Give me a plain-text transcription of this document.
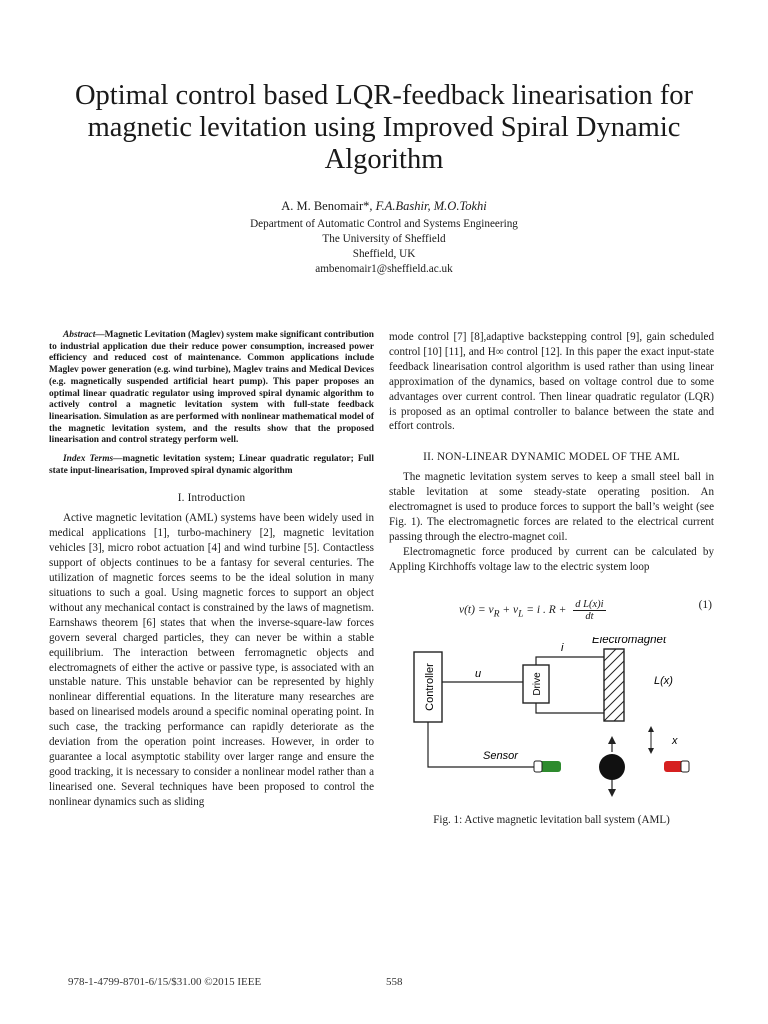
Optimal control based LQR-feedback linearisation for magnetic levitation using Improved Spiral Dynamic Algorithm
A. M. Benomair*, F.A.Bashir, M.O.Tokhi
Department of Automatic Control and Systems Engineering
The University of Sheffield
Sheffield, UK
ambenomair1@sheffield.ac.uk

Abstract—Magnetic Levitation (Maglev) system make significant contribution to industrial application due their reduce power consumption, increased power efficiency and reduced cost of maintenance. Common applications include Maglev power generation (e.g. wind turbine), Maglev trains and Medical Devices (e.g. magnetically suspended artificial heart pump). This paper proposes an optimal linear quadratic regulator using improved spiral dynamic algorithm to actively control a magnetic levitation system with full-state feedback linearisation. Simulation as are performed with nonlinear mathematical model of the magnetic levitation system, and the results show that the proposed linearisation and control strategy perform well.

Index Terms—magnetic levitation system; Linear quadratic regulator; Full state input-linearisation, Improved spiral dynamic algorithm

I. Introduction

Active magnetic levitation (AML) systems have been widely used in medical applications [1], turbo-machinery [2], magnetic levitation vehicles [3], micro robot actuation [4] and wind turbine [5]. Contactless support of objects continues to be a fantasy for several centuries. The utilization of magnetic forces seems to be the ideal solution in many situations to such a goal. Using magnetic forces to support an object without any mechanical contact is constrained by the laws of magnetism. Earnshaws theorem [6] states that when the inverse-square-law forces govern several charged particles, they can never be within a stable equilibrium. The interaction between ferromagnetic objects and electromagnets of either the active or passive type, is associated with an unstable nature. This unstable behavior can be represented by highly nonlinear differential equations. In the literature many researches are based on linearised models around a specific nominal operating point. In such case, the tracking performance can rapidly deteriorate as the deviation from the operation point increases. However, in order to guarantee a local asymptotic stability over larger range and ensure the good tracking, it is necessary to consider a nonlinear model rather than a linearised one. Several techniques have been proposed to control the nonlinear dynamics such as sliding

mode control [7] [8],adaptive backstepping control [9], gain scheduled control [10] [11], and H∞ control [12]. In this paper the exact input-state feedback linearisation control algorithm is used rather than using linear approximation of the dynamics, based on voltage control due to some advantages over current control. Then linear quadratic regulator (LQR) is proposed as an optimal controller to balance between the state and effort controls.

II. NON-LINEAR DYNAMIC MODEL OF THE AML

The magnetic levitation system serves to keep a small steel ball in stable levitation at some steady-state operating position. An electromagnet is used to produce forces to support the ball’s weight (see Fig. 1). The electromagnetic forces are related to the electrical current passing through the electro-magnet coil.

Electromagnetic force produced by current can be calculated by Appling Kirchhoffs voltage law to the electric system loop

$v(t) = v_R + v_L = i$ . $R + \frac{\text{d L(x)i}}{dt}$	(1)
Controller	u	Drive
i
Electromagnet
L(x)
x
Sensor
Fig. 1: Active magnetic levitation ball system (AML)
978-1-4799-8701-6/15/$31.00 ©2015 IEEE	558
